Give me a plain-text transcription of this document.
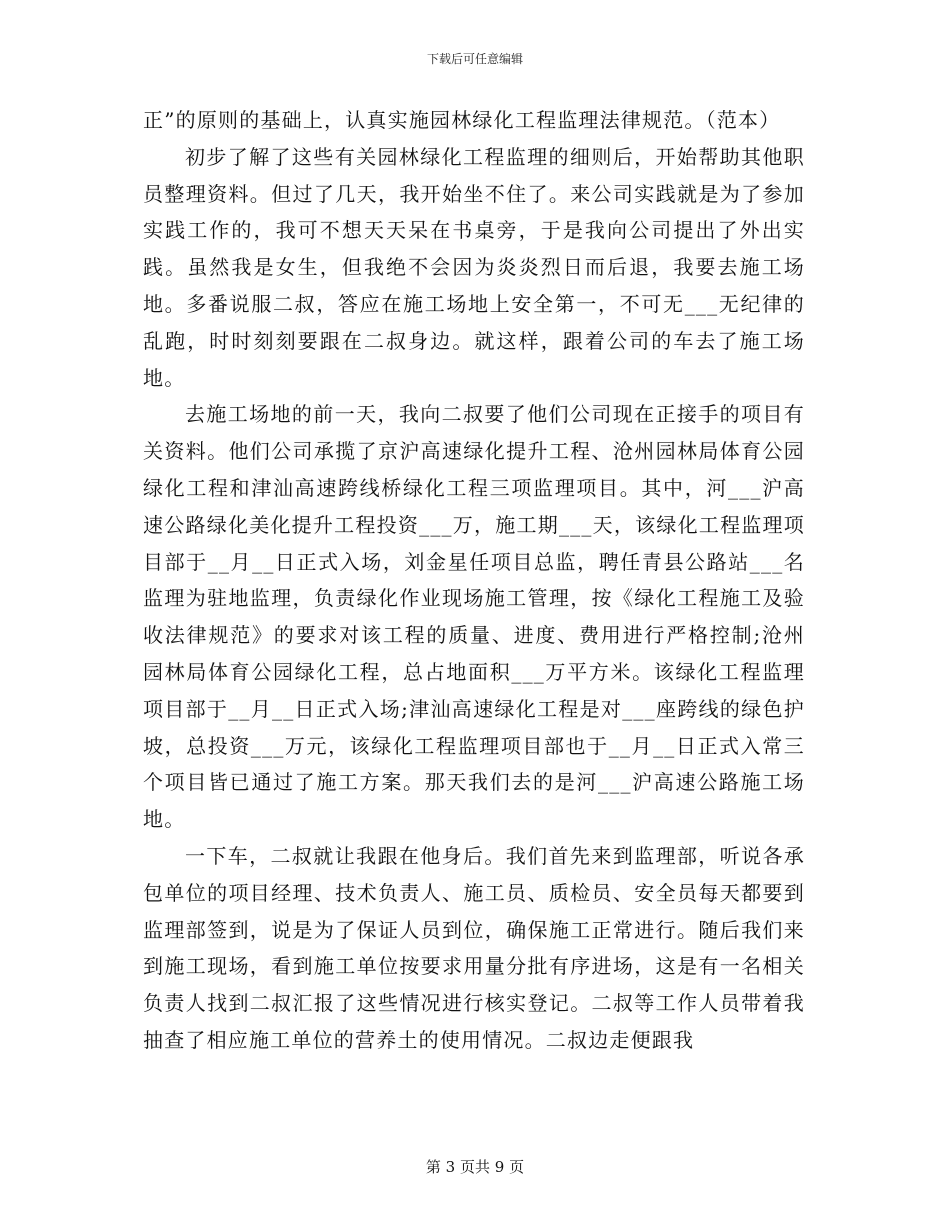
下载后可任意编辑

正”的原则的基础上，认真实施园林绿化工程监理法律规范。（范本）

初步了解了这些有关园林绿化工程监理的细则后，开始帮助其他职员整理资料。但过了几天，我开始坐不住了。来公司实践就是为了参加实践工作的，我可不想天天呆在书桌旁，于是我向公司提出了外出实践。虽然我是女生，但我绝不会因为炎炎烈日而后退，我要去施工场地。多番说服二叔，答应在施工场地上安全第一，不可无___无纪律的乱跑，时时刻刻要跟在二叔身边。就这样，跟着公司的车去了施工场地。

去施工场地的前一天，我向二叔要了他们公司现在正接手的项目有关资料。他们公司承揽了京沪高速绿化提升工程、沧州园林局体育公园绿化工程和津汕高速跨线桥绿化工程三项监理项目。其中，河___沪高速公路绿化美化提升工程投资___万，施工期___天，该绿化工程监理项目部于__月__日正式入场，刘金星任项目总监，聘任青县公路站___名监理为驻地监理，负责绿化作业现场施工管理，按《绿化工程施工及验收法律规范》的要求对该工程的质量、进度、费用进行严格控制;沧州园林局体育公园绿化工程，总占地面积___万平方米。该绿化工程监理项目部于__月__日正式入场;津汕高速绿化工程是对___座跨线的绿色护坡，总投资___万元，该绿化工程监理项目部也于__月__日正式入常三个项目皆已通过了施工方案。那天我们去的是河___沪高速公路施工场地。

一下车，二叔就让我跟在他身后。我们首先来到监理部，听说各承包单位的项目经理、技术负责人、施工员、质检员、安全员每天都要到监理部签到，说是为了保证人员到位，确保施工正常进行。随后我们来到施工现场，看到施工单位按要求用量分批有序进场，这是有一名相关负责人找到二叔汇报了这些情况进行核实登记。二叔等工作人员带着我抽查了相应施工单位的营养土的使用情况。二叔边走便跟我

第 3 页共 9 页
